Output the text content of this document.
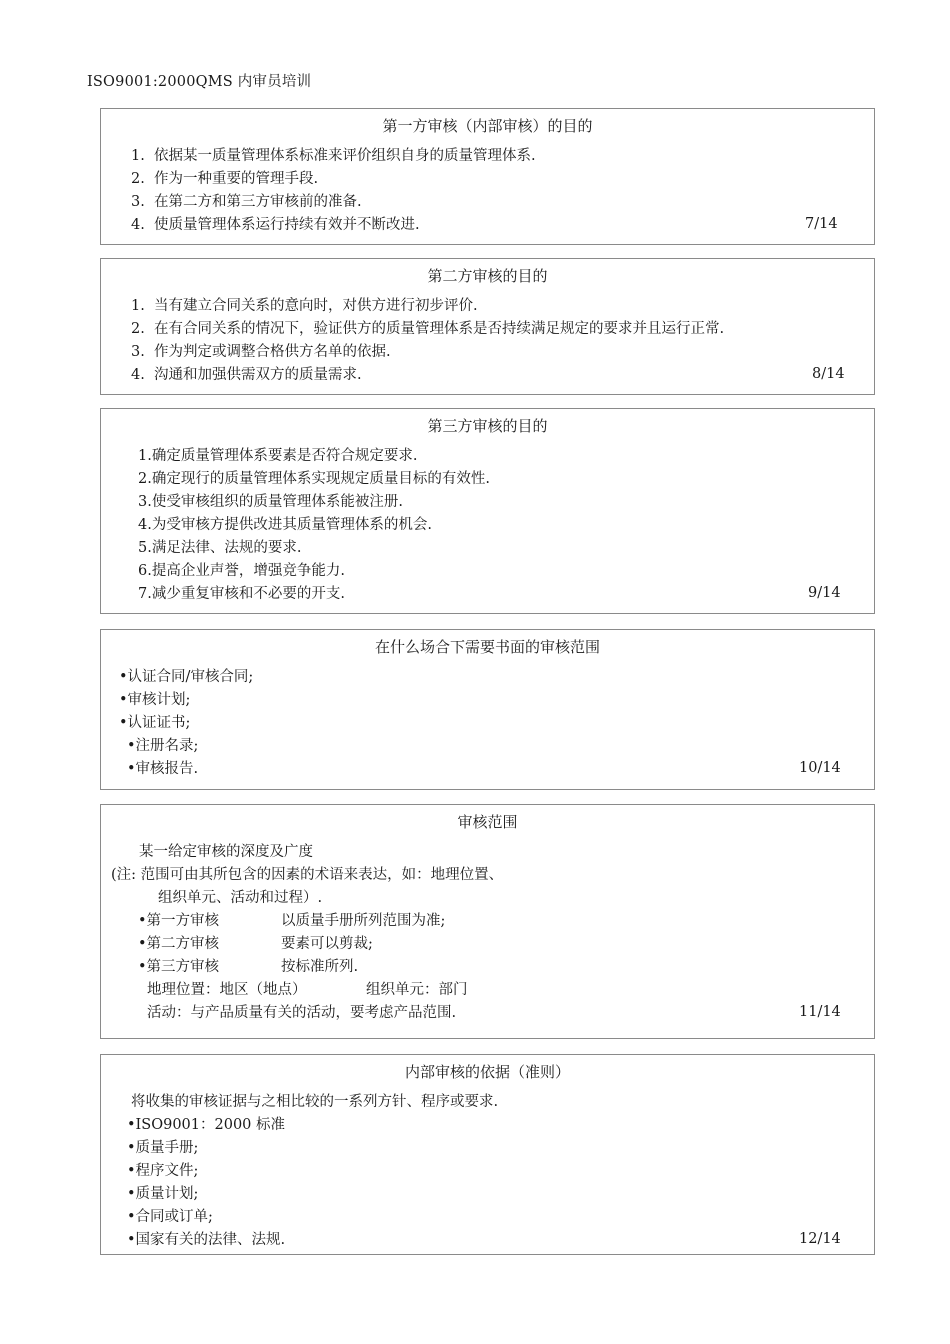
ISO9001:2000QMS 内审员培训
第一方审核（内部审核）的目的
1.  依据某一质量管理体系标准来评价组织自身的质量管理体系.
2.  作为一种重要的管理手段.
3.  在第二方和第三方审核前的准备.
4.  使质量管理体系运行持续有效并不断改进.	7/14
第二方审核的目的
1.  当有建立合同关系的意向时，对供方进行初步评价.
2.  在有合同关系的情况下，验证供方的质量管理体系是否持续满足规定的要求并且运行正常.
3.  作为判定或调整合格供方名单的依据.
4.  沟通和加强供需双方的质量需求.	8/14
第三方审核的目的
1.确定质量管理体系要素是否符合规定要求.
2.确定现行的质量管理体系实现规定质量目标的有效性.
3.使受审核组织的质量管理体系能被注册.
4.为受审核方提供改进其质量管理体系的机会.
5.满足法律、法规的要求.
6.提高企业声誉，增强竞争能力.
7.减少重复审核和不必要的开支.	9/14
在什么场合下需要书面的审核范围
•认证合同/审核合同;
•审核计划;
•认证证书;
•注册名录;
•审核报告.	10/14
审核范围
某一给定审核的深度及广度
(注: 范围可由其所包含的因素的术语来表达，如：地理位置、
组织单元、活动和过程）.
•第一方审核	以质量手册所列范围为准;
•第二方审核	要素可以剪裁;
•第三方审核	按标准所列.
地理位置：地区（地点）	组织单元：部门
活动：与产品质量有关的活动，要考虑产品范围.	11/14
内部审核的依据（准则）
将收集的审核证据与之相比较的一系列方针、程序或要求.
•ISO9001：2000 标准
•质量手册;
•程序文件;
•质量计划;
•合同或订单;
•国家有关的法律、法规.	12/14
